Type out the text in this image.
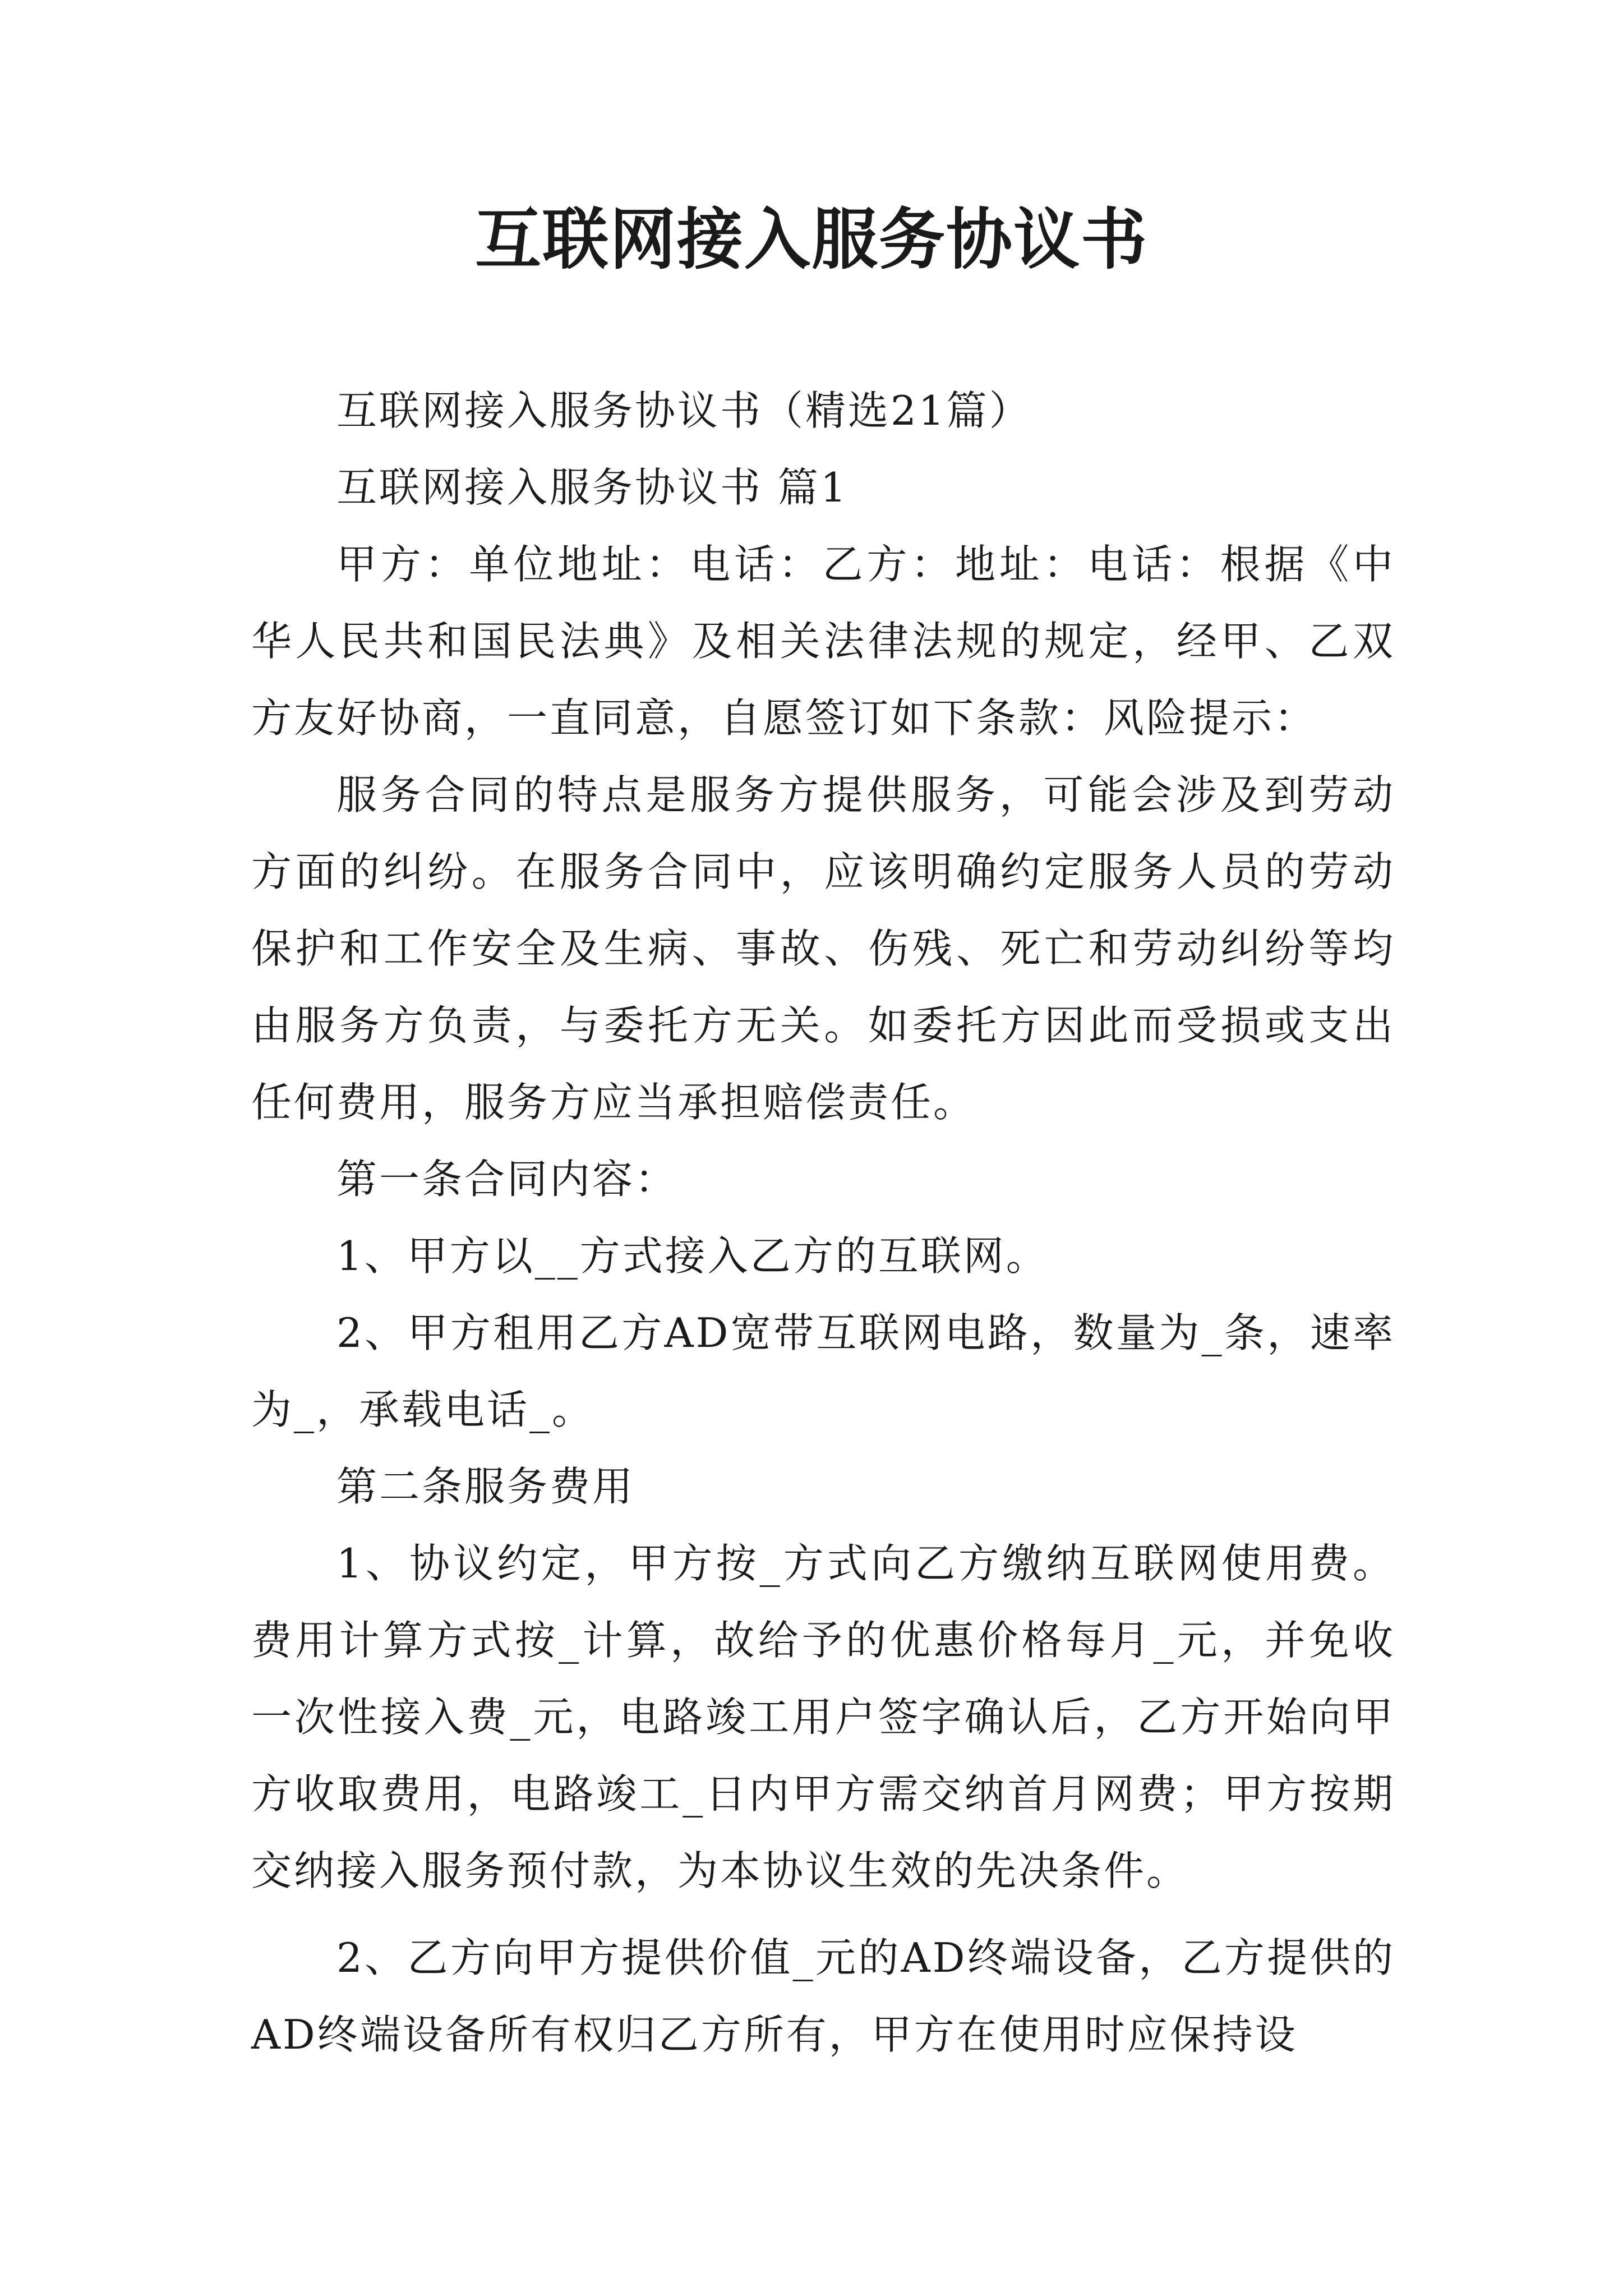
互联网接入服务协议书

互联网接入服务协议书（精选21篇）

互联网接入服务协议书 篇1

甲方：单位地址：电话：乙方：地址：电话：根据《中华人民共和国民法典》及相关法律法规的规定，经甲、乙双方友好协商，一直同意，自愿签订如下条款：风险提示：

服务合同的特点是服务方提供服务，可能会涉及到劳动方面的纠纷。在服务合同中，应该明确约定服务人员的劳动保护和工作安全及生病、事故、伤残、死亡和劳动纠纷等均由服务方负责，与委托方无关。如委托方因此而受损或支出任何费用，服务方应当承担赔偿责任。

第一条合同内容：

1、甲方以__方式接入乙方的互联网。

2、甲方租用乙方AD宽带互联网电路，数量为_条，速率为_，承载电话_。

第二条服务费用

1、协议约定，甲方按_方式向乙方缴纳互联网使用费。费用计算方式按_计算，故给予的优惠价格每月_元，并免收一次性接入费_元，电路竣工用户签字确认后，乙方开始向甲方收取费用，电路竣工_日内甲方需交纳首月网费；甲方按期交纳接入服务预付款，为本协议生效的先决条件。

2、乙方向甲方提供价值_元的AD终端设备，乙方提供的AD终端设备所有权归乙方所有，甲方在使用时应保持设
